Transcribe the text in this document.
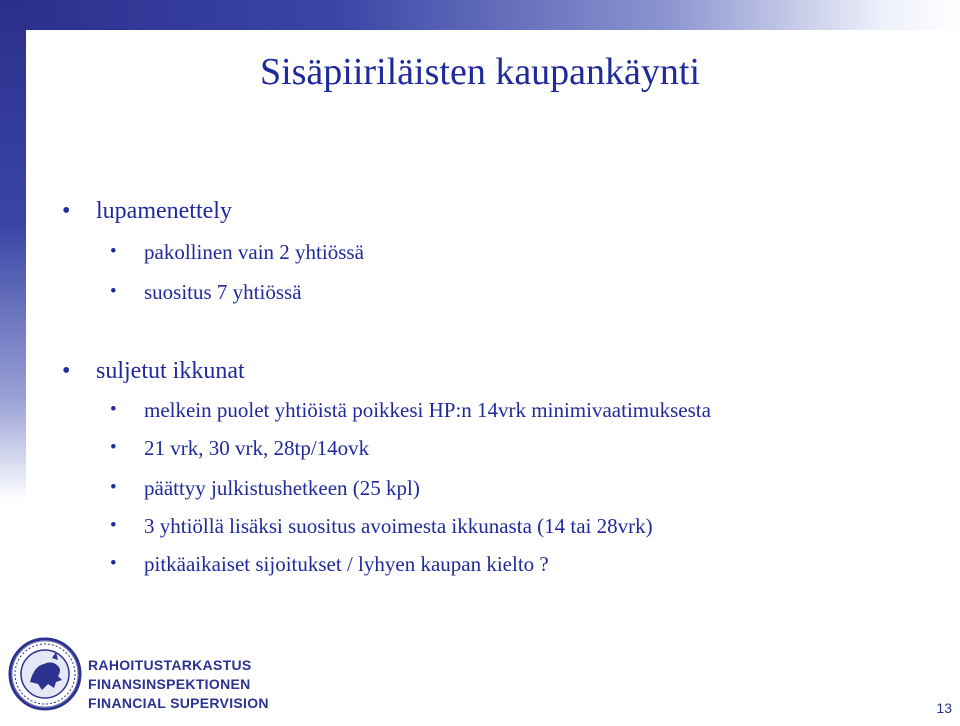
Sisäpiiriläisten kaupankäynti
• lupamenettely
• pakollinen vain 2 yhtiössä
• suositus 7 yhtiössä
• suljetut ikkunat
• melkein puolet yhtiöistä poikkesi HP:n 14vrk minimivaatimuksesta
• 21 vrk, 30 vrk, 28tp/14ovk
• päättyy julkistushetkeen (25 kpl)
• 3 yhtiöllä lisäksi suositus avoimesta ikkunasta (14 tai 28vrk)
• pitkäaikaiset sijoitukset / lyhyen kaupan kielto ?
RAHOITUSTARKASTUS
FINANSINSPEKTIONEN
FINANCIAL SUPERVISION	13
